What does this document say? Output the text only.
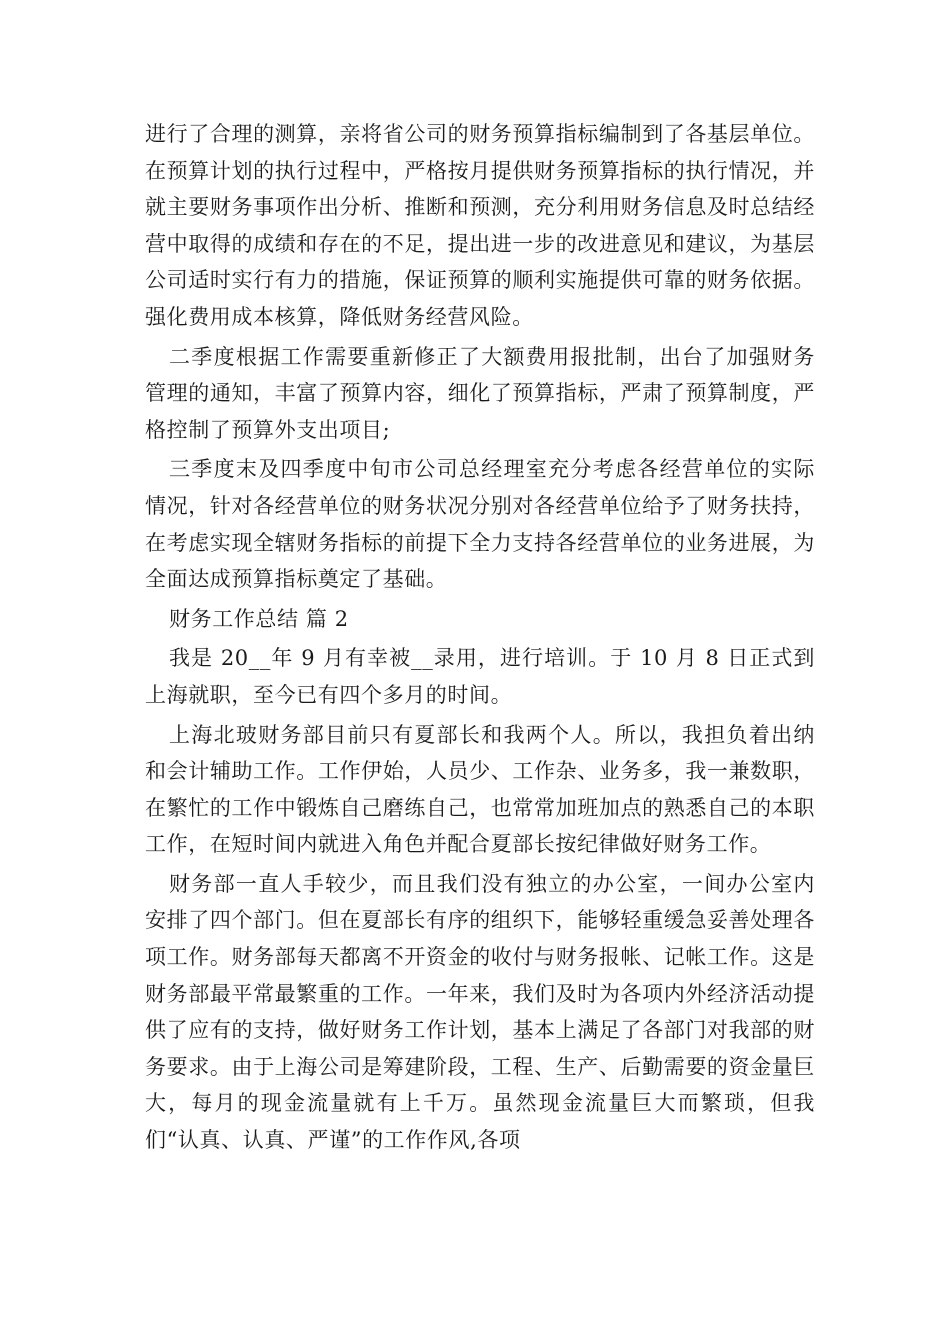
进行了合理的测算，亲将省公司的财务预算指标编制到了各基层单位。在预算计划的执行过程中，严格按月提供财务预算指标的执行情况，并就主要财务事项作出分析、推断和预测，充分利用财务信息及时总结经营中取得的成绩和存在的不足，提出进一步的改进意见和建议，为基层公司适时实行有力的措施，保证预算的顺利实施提供可靠的财务依据。强化费用成本核算，降低财务经营风险。

二季度根据工作需要重新修正了大额费用报批制，出台了加强财务管理的通知，丰富了预算内容，细化了预算指标，严肃了预算制度，严格控制了预算外支出项目;

三季度末及四季度中旬市公司总经理室充分考虑各经营单位的实际情况，针对各经营单位的财务状况分别对各经营单位给予了财务扶持，在考虑实现全辖财务指标的前提下全力支持各经营单位的业务进展，为全面达成预算指标奠定了基础。

财务工作总结 篇 2

我是 20__年 9 月有幸被__录用，进行培训。于 10 月 8 日正式到上海就职，至今已有四个多月的时间。

上海北玻财务部目前只有夏部长和我两个人。所以，我担负着出纳和会计辅助工作。工作伊始，人员少、工作杂、业务多，我一兼数职，在繁忙的工作中锻炼自己磨练自己，也常常加班加点的熟悉自己的本职工作，在短时间内就进入角色并配合夏部长按纪律做好财务工作。

财务部一直人手较少，而且我们没有独立的办公室，一间办公室内安排了四个部门。但在夏部长有序的组织下，能够轻重缓急妥善处理各项工作。财务部每天都离不开资金的收付与财务报帐、记帐工作。这是财务部最平常最繁重的工作。一年来，我们及时为各项内外经济活动提供了应有的支持，做好财务工作计划，基本上满足了各部门对我部的财务要求。由于上海公司是筹建阶段，工程、生产、后勤需要的资金量巨大，每月的现金流量就有上千万。虽然现金流量巨大而繁琐，但我们“认真、认真、严谨”的工作作风,各项
